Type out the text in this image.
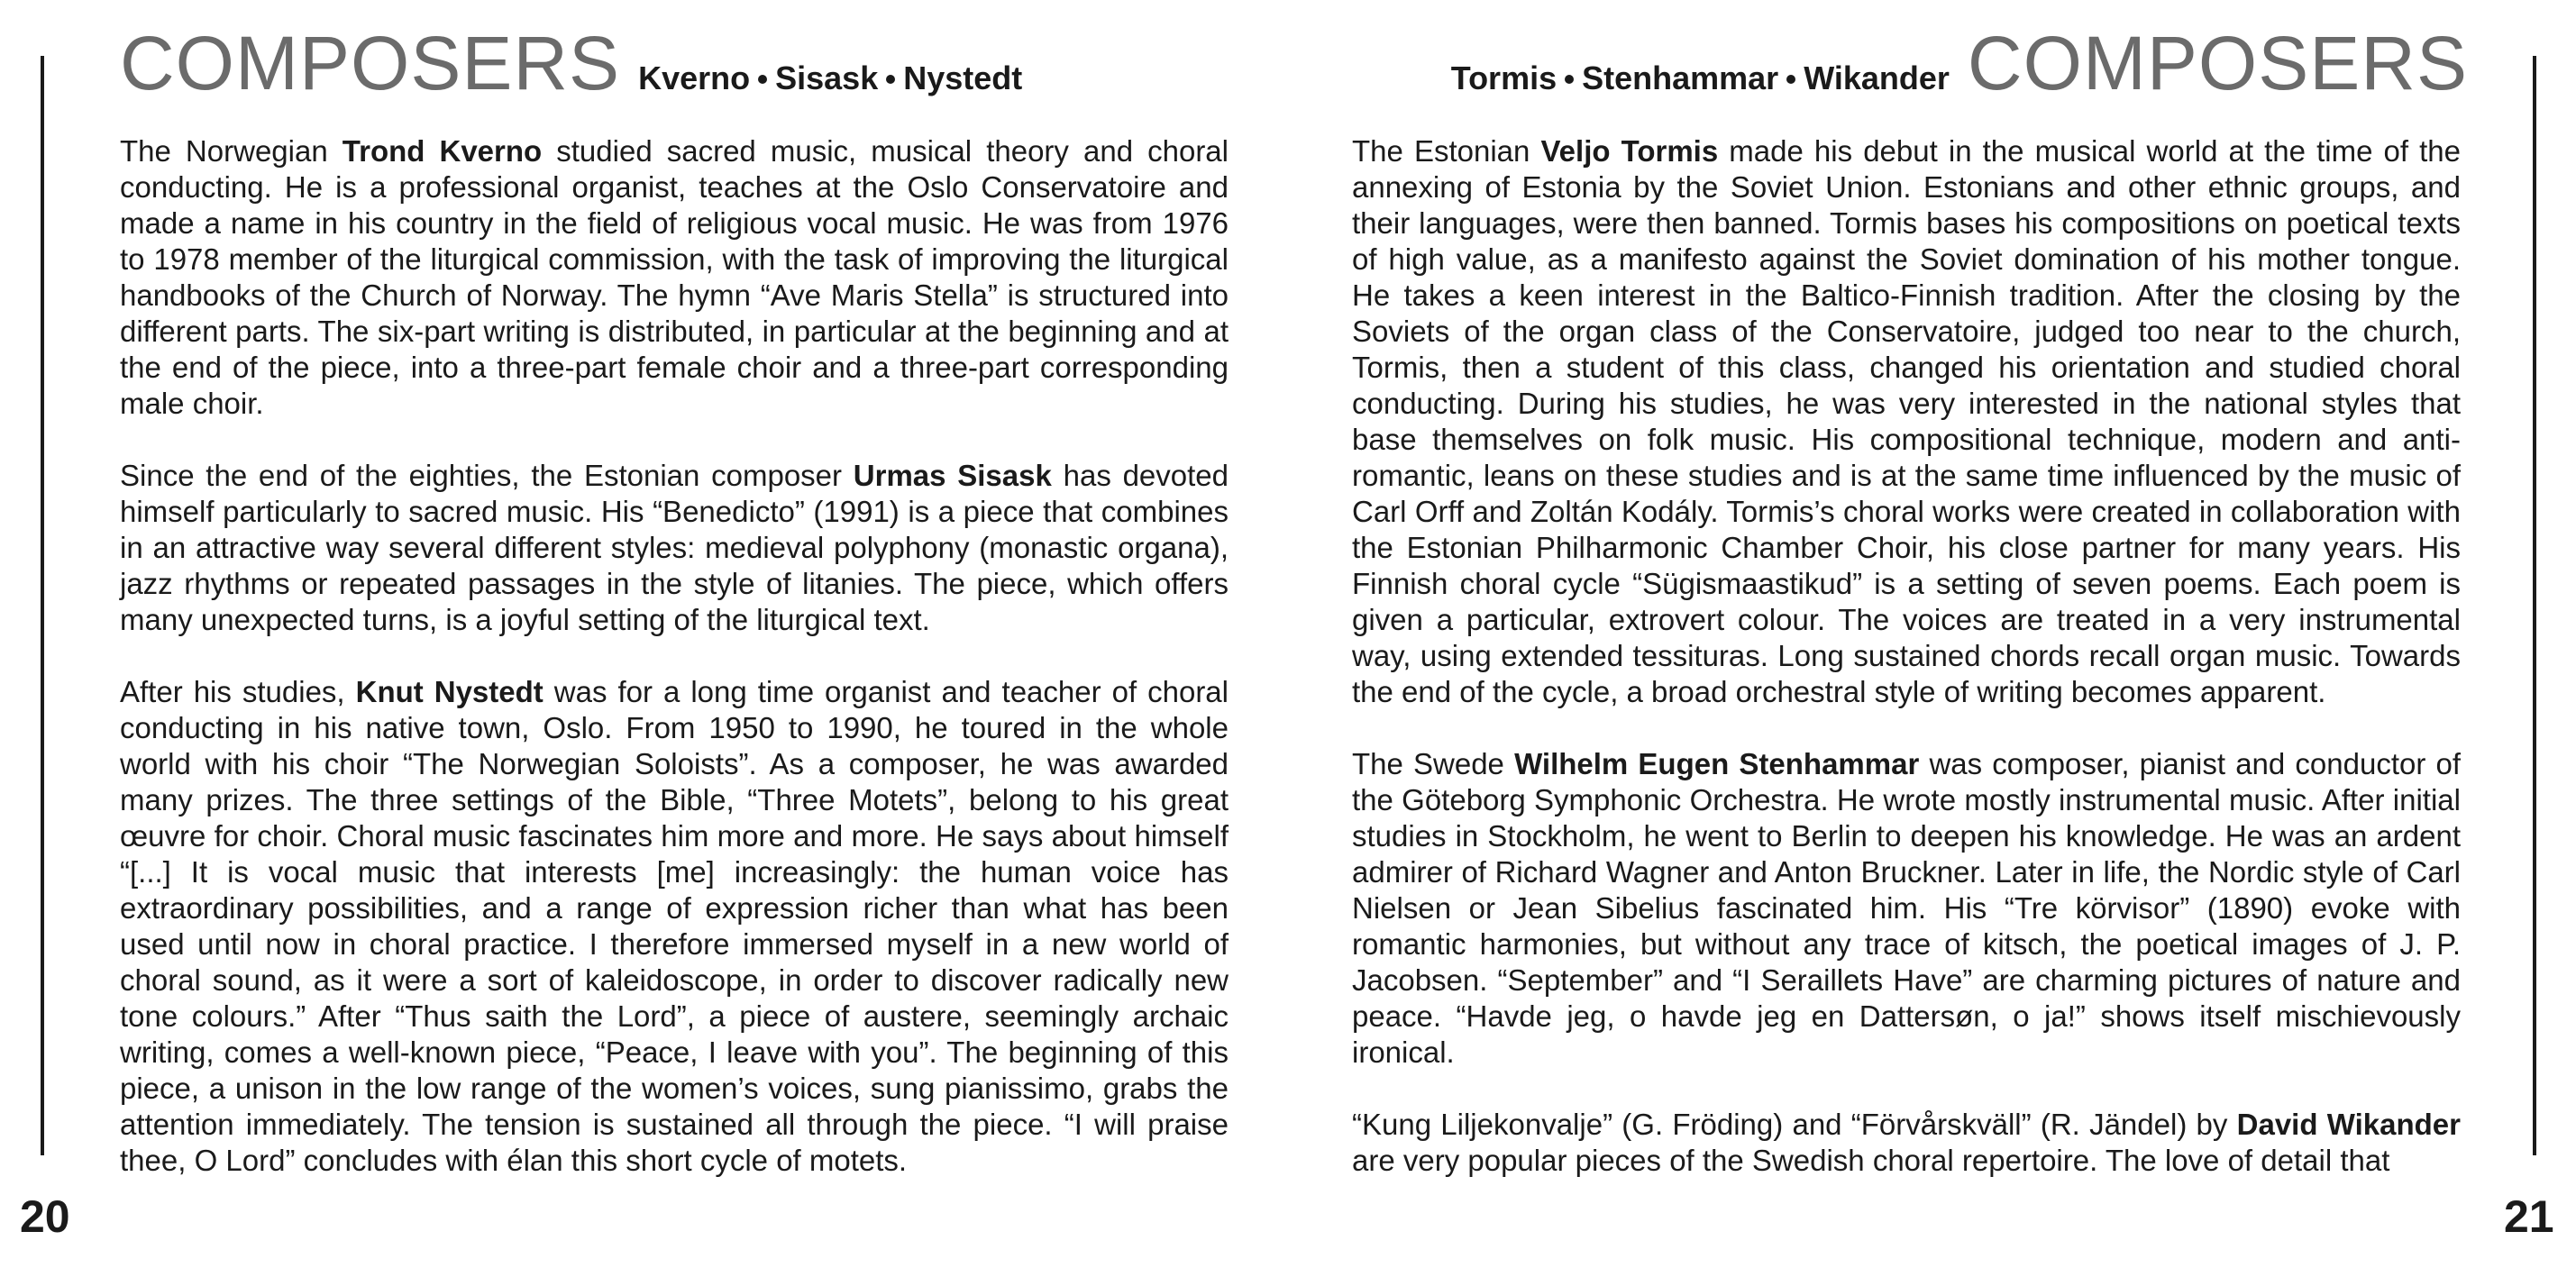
COMPOSERS Kverno Sisask Nystedt	Tormis Stenhammar Wikander COMPOSERS

The Norwegian Trond Kverno studied sacred music, musical theory and choral conducting. He is a professional organist, teaches at the Oslo Conservatoire and made a name in his country in the field of religious vocal music. He was from 1976 to 1978 member of the liturgical commission, with the task of improving the liturgical handbooks of the Church of Norway. The hymn “Ave Maris Stella” is structured into different parts. The six-part writing is distributed, in particular at the beginning and at the end of the piece, into a three-part female choir and a three-part corresponding male choir.

Since the end of the eighties, the Estonian composer Urmas Sisask has devoted himself particularly to sacred music. His “Benedicto” (1991) is a piece that combines in an attractive way several different styles: medieval polyphony (monastic organa), jazz rhythms or repeated passages in the style of litanies. The piece, which offers many unexpected turns, is a joyful setting of the liturgical text.

After his studies, Knut Nystedt was for a long time organist and teacher of choral conducting in his native town, Oslo. From 1950 to 1990, he toured in the whole world with his choir “The Norwegian Soloists”. As a composer, he was awarded many prizes. The three settings of the Bible, “Three Motets”, belong to his great œuvre for choir. Choral music fascinates him more and more. He says about himself “[...] It is vocal music that interests [me] increasingly: the human voice has extraordinary possibilities, and a range of expression richer than what has been used until now in choral practice. I therefore immersed myself in a new world of choral sound, as it were a sort of kaleidoscope, in order to discover radically new tone colours.” After “Thus saith the Lord”, a piece of austere, seemingly archaic writing, comes a well-known piece, “Peace, I leave with you”. The beginning of this piece, a unison in the low range of the women’s voices, sung pianissimo, grabs the attention immediately. The tension is sustained all through the piece. “I will praise thee, O Lord” concludes with élan this short cycle of motets.

The Estonian Veljo Tormis made his debut in the musical world at the time of the annexing of Estonia by the Soviet Union. Estonians and other ethnic groups, and their languages, were then banned. Tormis bases his compositions on poetical texts of high value, as a manifesto against the Soviet domination of his mother tongue. He takes a keen interest in the Baltico-Finnish tradition. After the closing by the Soviets of the organ class of the Conservatoire, judged too near to the church, Tormis, then a student of this class, changed his orientation and studied choral conducting. During his studies, he was very interested in the national styles that base themselves on folk music. His compositional technique, modern and anti-romantic, leans on these studies and is at the same time influenced by the music of Carl Orff and Zoltán Kodály. Tormis’s choral works were created in collaboration with the Estonian Philharmonic Chamber Choir, his close partner for many years. His Finnish choral cycle “Sügismaastikud” is a setting of seven poems. Each poem is given a particular, extrovert colour. The voices are treated in a very instrumental way, using extended tessituras. Long sustained chords recall organ music. Towards the end of the cycle, a broad orchestral style of writing becomes apparent.

The Swede Wilhelm Eugen Stenhammar was composer, pianist and conductor of the Göteborg Symphonic Orchestra. He wrote mostly instrumental music. After initial studies in Stockholm, he went to Berlin to deepen his knowledge. He was an ardent admirer of Richard Wagner and Anton Bruckner. Later in life, the Nordic style of Carl Nielsen or Jean Sibelius fascinated him. His “Tre körvisor” (1890) evoke with romantic harmonies, but without any trace of kitsch, the poetical images of J. P. Jacobsen. “September” and “I Seraillets Have” are charming pictures of nature and peace. “Havde jeg, o havde jeg en Dattersøn, o ja!” shows itself mischievously ironical.

“Kung Liljekonvalje” (G. Fröding) and “Förvårskväll” (R. Jändel) by David Wikander are very popular pieces of the Swedish choral repertoire. The love of detail that

20	21
